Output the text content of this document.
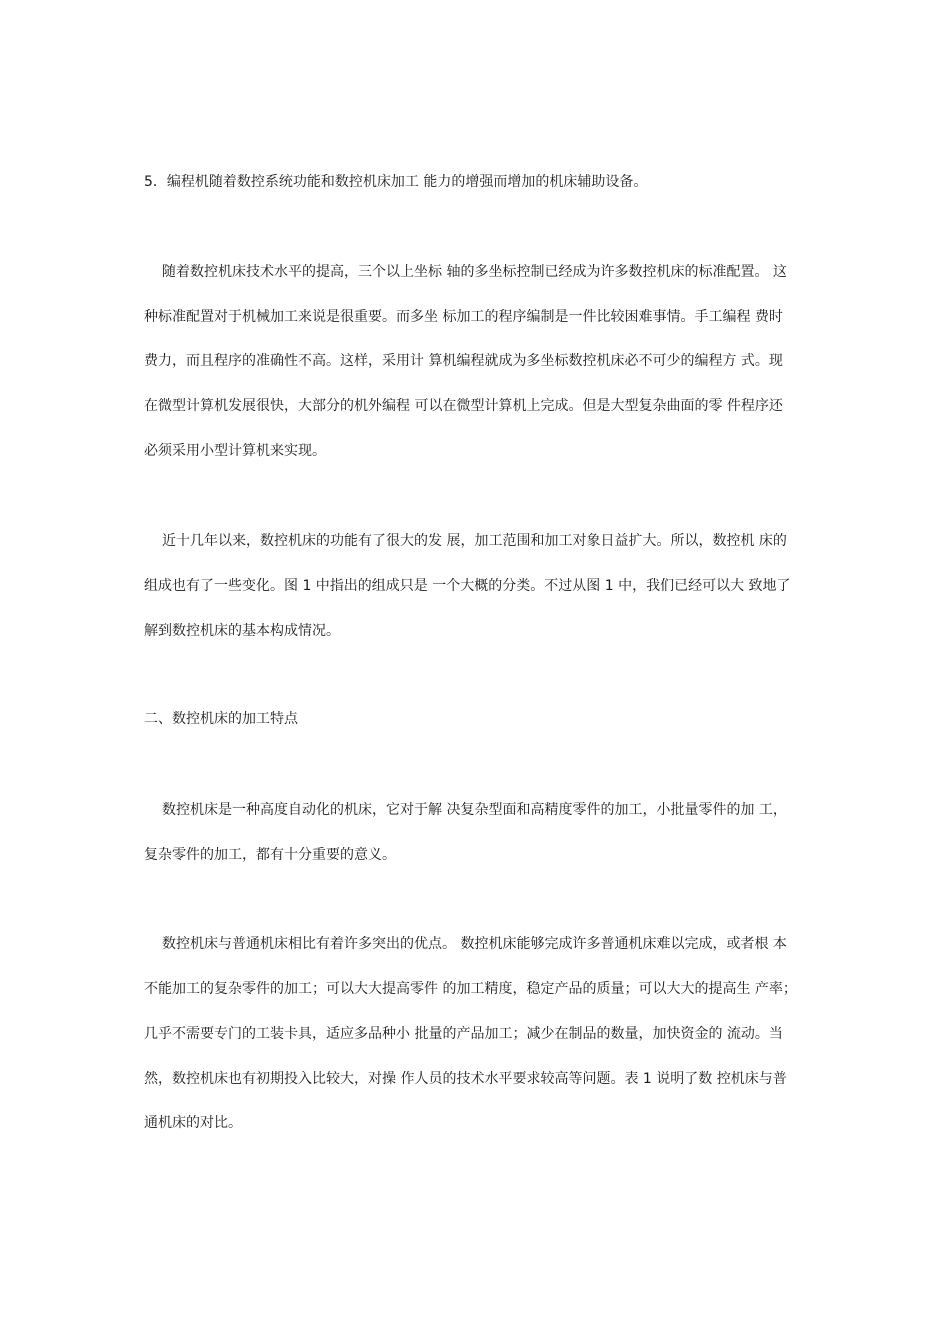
5．编程机随着数控系统功能和数控机床加工 能力的增强而增加的机床辅助设备。
随着数控机床技术水平的提高，三个以上坐标 轴的多坐标控制已经成为许多数控机床的标准配置。 这
种标准配置对于机械加工来说是很重要。而多坐 标加工的程序编制是一件比较困难事情。手工编程 费时
费力，而且程序的准确性不高。这样，采用计 算机编程就成为多坐标数控机床必不可少的编程方 式。现
在微型计算机发展很快，大部分的机外编程 可以在微型计算机上完成。但是大型复杂曲面的零 件程序还
必须采用小型计算机来实现。
近十几年以来，数控机床的功能有了很大的发 展，加工范围和加工对象日益扩大。所以，数控机 床的
组成也有了一些变化。图 1 中指出的组成只是 一个大概的分类。不过从图 1 中，我们已经可以大 致地了
解到数控机床的基本构成情况。
二、数控机床的加工特点
数控机床是一种高度自动化的机床，它对于解 决复杂型面和高精度零件的加工，小批量零件的加 工，
复杂零件的加工，都有十分重要的意义。
数控机床与普通机床相比有着许多突出的优点。 数控机床能够完成许多普通机床难以完成，或者根 本
不能加工的复杂零件的加工；可以大大提高零件 的加工精度，稳定产品的质量；可以大大的提高生 产率；
几乎不需要专门的工装卡具，适应多品种小 批量的产品加工；减少在制品的数量，加快资金的 流动。当
然，数控机床也有初期投入比较大，对操 作人员的技术水平要求较高等问题。表 1 说明了数 控机床与普
通机床的对比。
